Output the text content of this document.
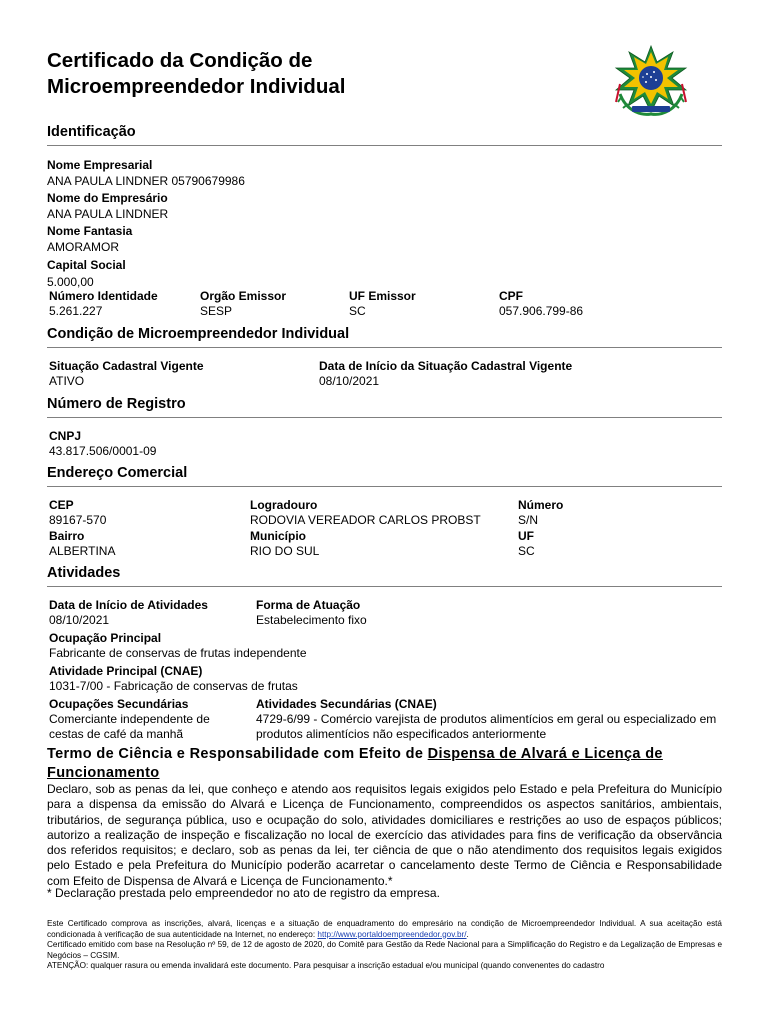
Certificado da Condição de
Microempreendedor Individual
Identificação
Nome Empresarial
ANA PAULA LINDNER 05790679986
Nome do Empresário
ANA PAULA LINDNER
Nome Fantasia
AMORAMOR
Capital Social
5.000,00
Número Identidade
5.261.227
Orgão Emissor
SESP
UF Emissor
SC
CPF
057.906.799-86
Condição de Microempreendedor Individual
Situação Cadastral Vigente
ATIVO
Data de Início da Situação Cadastral Vigente
08/10/2021
Número de Registro
CNPJ
43.817.506/0001-09
Endereço Comercial
CEP
89167-570
Logradouro
RODOVIA VEREADOR CARLOS PROBST
Número
S/N
Bairro
ALBERTINA
Município
RIO DO SUL
UF
SC
Atividades
Data de Início de Atividades
08/10/2021
Forma de Atuação
Estabelecimento fixo
Ocupação Principal
Fabricante de conservas de frutas independente
Atividade Principal (CNAE)
1031-7/00 - Fabricação de conservas de frutas
Ocupações Secundárias
Comerciante independente de cestas de café da manhã
Atividades Secundárias (CNAE)
4729-6/99 - Comércio varejista de produtos alimentícios em geral ou especializado em produtos alimentícios não especificados anteriormente
Termo de Ciência e Responsabilidade com Efeito de Dispensa de Alvará e Licença de Funcionamento
Declaro, sob as penas da lei, que conheço e atendo aos requisitos legais exigidos pelo Estado e pela Prefeitura do Município para a dispensa da emissão do Alvará e Licença de Funcionamento, compreendidos os aspectos sanitários, ambientais, tributários, de segurança pública, uso e ocupação do solo, atividades domiciliares e restrições ao uso de espaços públicos; autorizo a realização de inspeção e fiscalização no local de exercício das atividades para fins de verificação da observância dos referidos requisitos; e declaro, sob as penas da lei, ter ciência de que o não atendimento dos requisitos legais exigidos pelo Estado e pela Prefeitura do Município poderão acarretar o cancelamento deste Termo de Ciência e Responsabilidade com Efeito de Dispensa de Alvará e Licença de Funcionamento.*
* Declaração prestada pelo empreendedor no ato de registro da empresa.

Este Certificado comprova as inscrições, alvará, licenças e a situação de enquadramento do empresário na condição de Microempreendedor Individual. A sua aceitação está condicionada à verificação de sua autenticidade na Internet, no endereço: http://www.portaldoempreendedor.gov.br/.

Certificado emitido com base na Resolução nº 59, de 12 de agosto de 2020, do Comitê para Gestão da Rede Nacional para a Simplificação do Registro e da Legalização de Empresas e Negócios – CGSIM.

ATENÇÃO: qualquer rasura ou emenda invalidará este documento. Para pesquisar a inscrição estadual e/ou municipal (quando convenentes do cadastro
